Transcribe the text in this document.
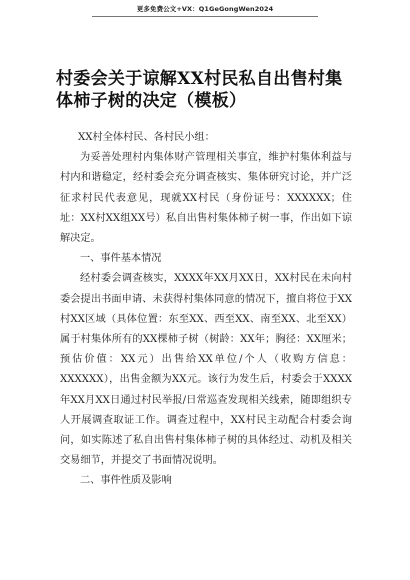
更多免费公文+VX：Q1GeGongWen2024
村委会关于谅解XX村民私自出售村集体柿子树的决定（模板）

XX村全体村民、各村民小组：

为妥善处理村内集体财产管理相关事宜，维护村集体利益与村内和谐稳定，经村委会充分调查核实、集体研究讨论，并广泛征求村民代表意见，现就XX村民（身份证号：XXXXXX；住址：XX村XX组XX号）私自出售村集体柿子树一事，作出如下谅解决定。

一、事件基本情况

经村委会调查核实，XXXX年XX月XX日，XX村民在未向村委会提出书面申请、未获得村集体同意的情况下，擅自将位于XX村XX区域（具体位置：东至XX、西至XX、南至XX、北至XX）属于村集体所有的XX棵柿子树（树龄：XX年；胸径：XX厘米；预估价值：XX元）出售给XX单位/个人（收购方信息：XXXXXX），出售金额为XX元。该行为发生后，村委会于XXXX年XX月XX日通过村民举报/日常巡查发现相关线索，随即组织专人开展调查取证工作。调查过程中，XX村民主动配合村委会询问，如实陈述了私自出售村集体柿子树的具体经过、动机及相关交易细节，并提交了书面情况说明。

二、事件性质及影响
